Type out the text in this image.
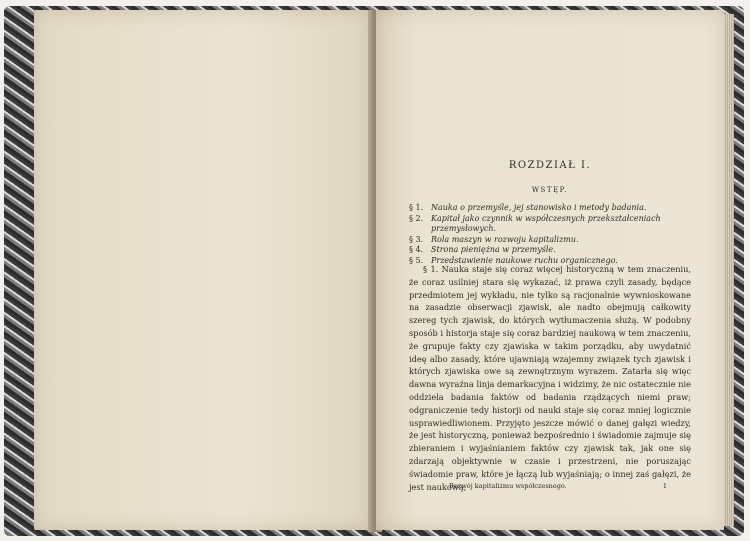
ROZDZIAŁ I.
WSTĘP.
§ 1. Nauka o przemyśle, jej stanowisko i metody badania.
§ 2. Kapitał jako czynnik w współczesnych przekształceniach przemysłowych.
§ 3. Rola maszyn w rozwoju kapitalizmu.
§ 4. Strona pieniężna w przemyśle.
§ 5. Przedstawienie naukowe ruchu organicznego.
§ 1. Nauka staje się coraz więcej historyczną w tem znaczeniu, że coraz usilniej stara się wykazać, iż prawa czyli zasady, będące przedmiotem jej wykładu, nie tylko są racjonalnie wywnioskowane na zasadzie obserwacji zjawisk, ale nadto obejmują całkowity szereg tych zjawisk, do których wytłumaczenia służą. W podobny sposób i historja staje się coraz bardziej naukową w tem znaczeniu, że grupuje fakty czy zjawiska w takim porządku, aby uwydatnić ideę albo zasady, które ujawniają wzajemny związek tych zjawisk i których zjawiska owe są zewnętrznym wyrazem. Zatarła się więc dawna wyraźna linja demarkacyjna i widzimy, że nic ostatecznie nie oddziela badania faktów od badania rządzących niemi praw; odgraniczenie tedy historji od nauki staje się coraz mniej logicznie usprawiedliwionem. Przyjęto jeszcze mówić o danej gałęzi wiedzy, że jest historyczną, ponieważ bezpośrednio i świadomie zajmuje się zbieraniem i wyjaśnianiem faktów czy zjawisk tak, jak one się zdarzają objektywnie w czasie i przestrzeni, nie poruszając świadomie praw, które je łączą lub wyjaśniają; o innej zaś gałęzi, że jest naukową,
Rozwój kapitalizmu współczesnego.	1
